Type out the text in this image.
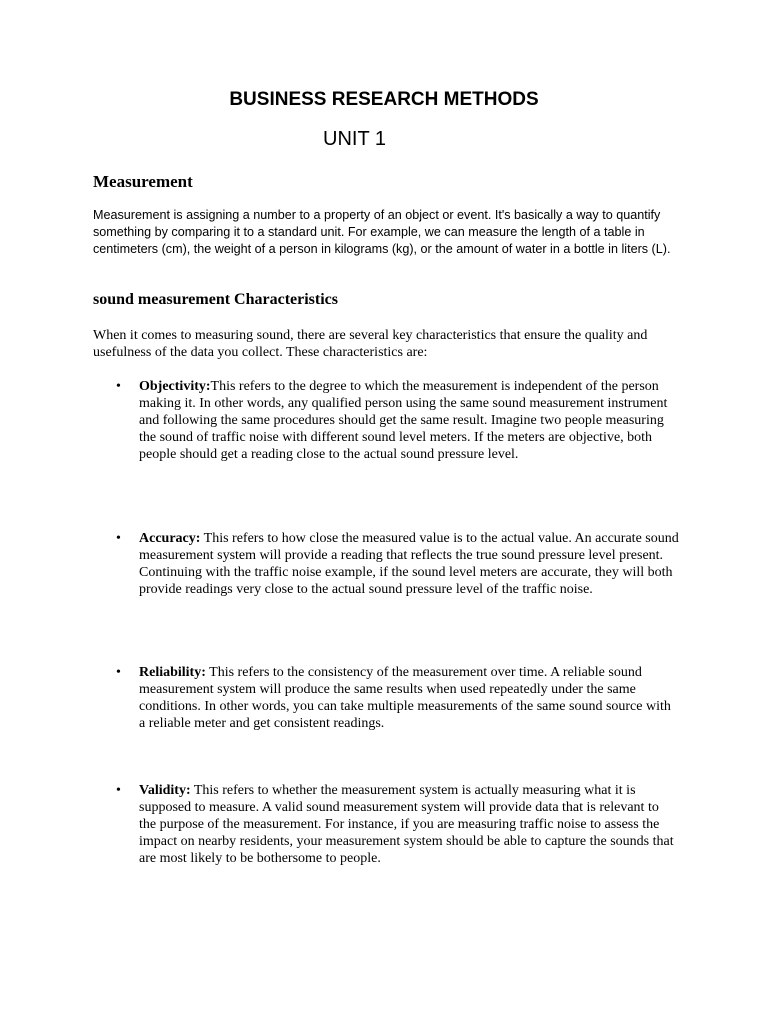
BUSINESS RESEARCH METHODS
UNIT 1
Measurement

Measurement is assigning a number to a property of an object or event. It's basically a way to quantify something by comparing it to a standard unit. For example, we can measure the length of a table in centimeters (cm), the weight of a person in kilograms (kg), or the amount of water in a bottle in liters (L).

sound measurement Characteristics

When it comes to measuring sound, there are several key characteristics that ensure the quality and usefulness of the data you collect. These characteristics are:

• Objectivity:This refers to the degree to which the measurement is independent of the person making it. In other words, any qualified person using the same sound measurement instrument and following the same procedures should get the same result. Imagine two people measuring the sound of traffic noise with different sound level meters. If the meters are objective, both people should get a reading close to the actual sound pressure level.

• Accuracy: This refers to how close the measured value is to the actual value. An accurate sound measurement system will provide a reading that reflects the true sound pressure level present. Continuing with the traffic noise example, if the sound level meters are accurate, they will both provide readings very close to the actual sound pressure level of the traffic noise.

• Reliability: This refers to the consistency of the measurement over time. A reliable sound measurement system will produce the same results when used repeatedly under the same conditions. In other words, you can take multiple measurements of the same sound source with a reliable meter and get consistent readings.

• Validity: This refers to whether the measurement system is actually measuring what it is supposed to measure. A valid sound measurement system will provide data that is relevant to the purpose of the measurement. For instance, if you are measuring traffic noise to assess the impact on nearby residents, your measurement system should be able to capture the sounds that are most likely to be bothersome to people.
